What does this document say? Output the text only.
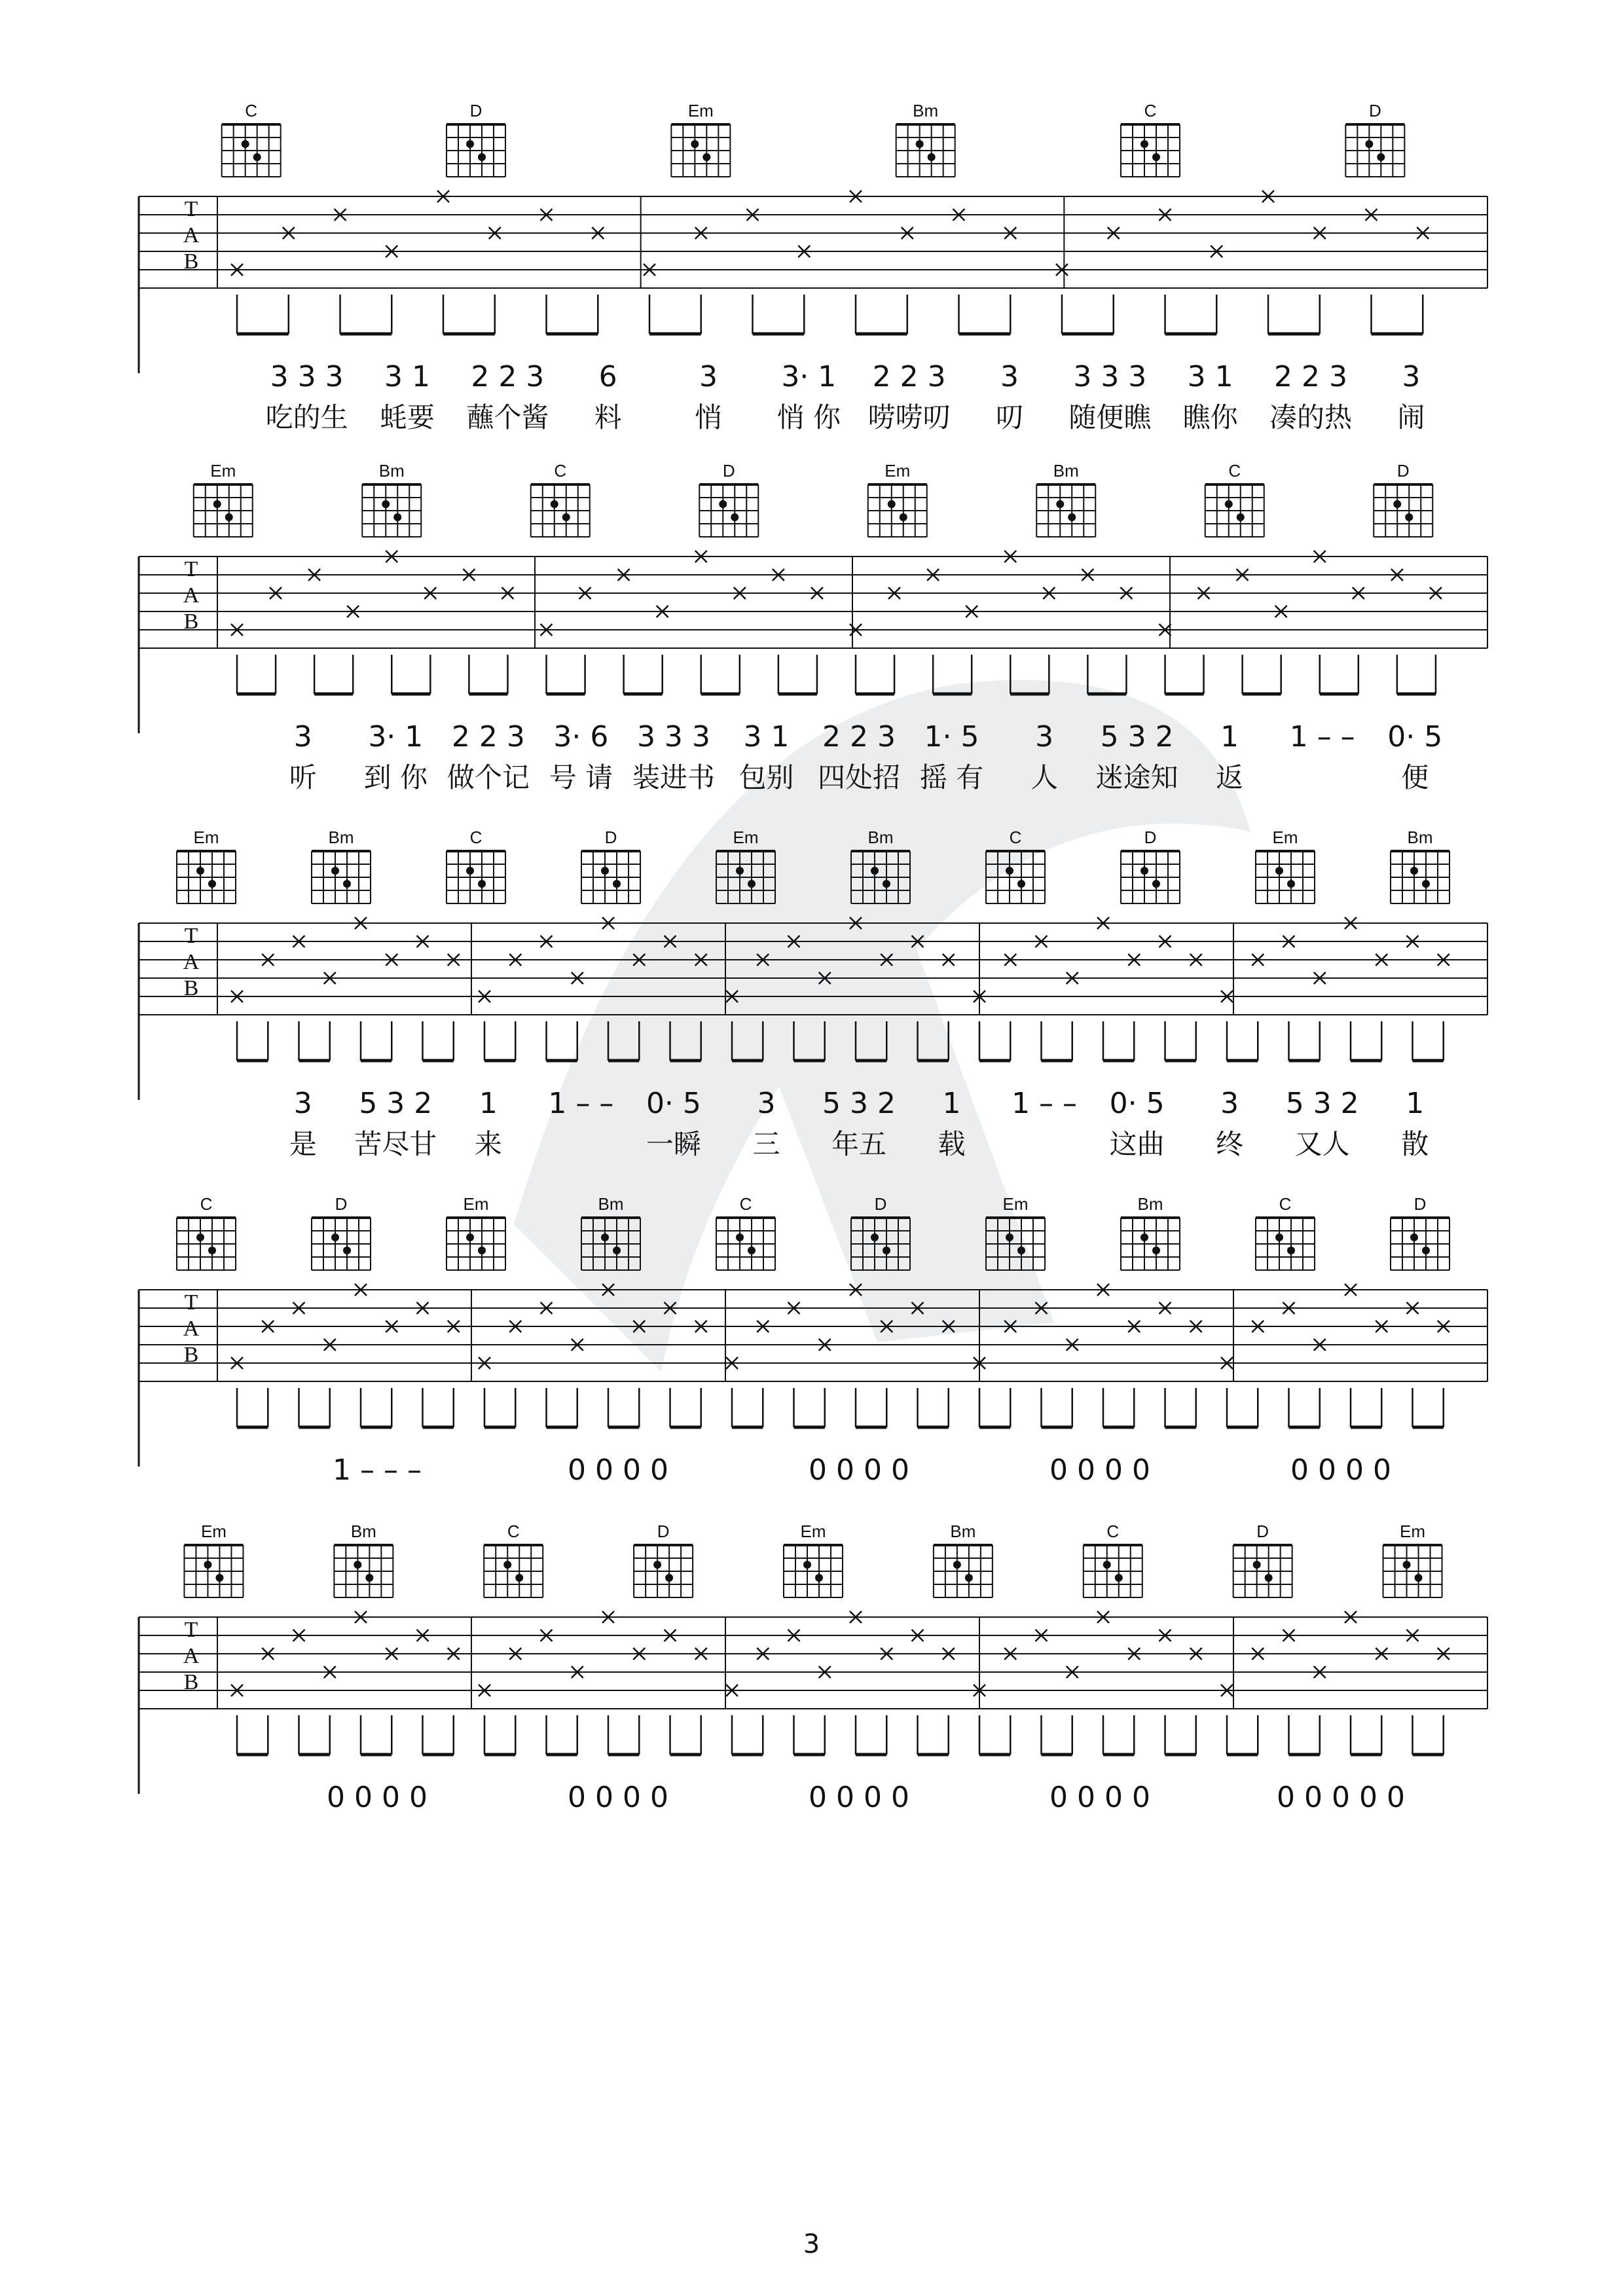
C	D	Em	Bm	C	D
T
A
B
3 3 3 3 1 2 2 3 6	3 3· 1 2 2 3 3 3 3 3 3 1 2 2 3 3
吃的生 蚝要 蘸个酱 料	悄 悄 你 唠唠叨 叨 随便瞧 瞧你 凑的热 闹
Em	Bm	C	D	Em	Bm	C	D
T
A
B
3 3· 1 2 2 3 3· 6 3 3 3 3 1 2 2 3 1· 5 3 5 3 2 1 1 – – 0· 5
听 到 你 做个记 号 请 装进书 包别 四处招 摇 有 人 迷途知 返	便
Em	Bm	C	D	Em	Bm	C	D	Em	Bm
T
A
B
3 5 3 2 1 1 – – 0· 5 3 5 3 2 1 1 – – 0· 5 3 5 3 2 1
是 苦尽甘 来	一瞬 三 年五 载	这曲 终 又人 散
C	D	Em	Bm	C	D	Em	Bm	C	D
T
A
B
1 – – –	0 0 0 0	0 0 0 0	0 0 0 0	0 0 0 0
Em	Bm	C	D	Em	Bm	C	D	Em
T
A
B
0 0 0 0	0 0 0 0	0 0 0 0	0 0 0 0	0 0 0 0 0
3
